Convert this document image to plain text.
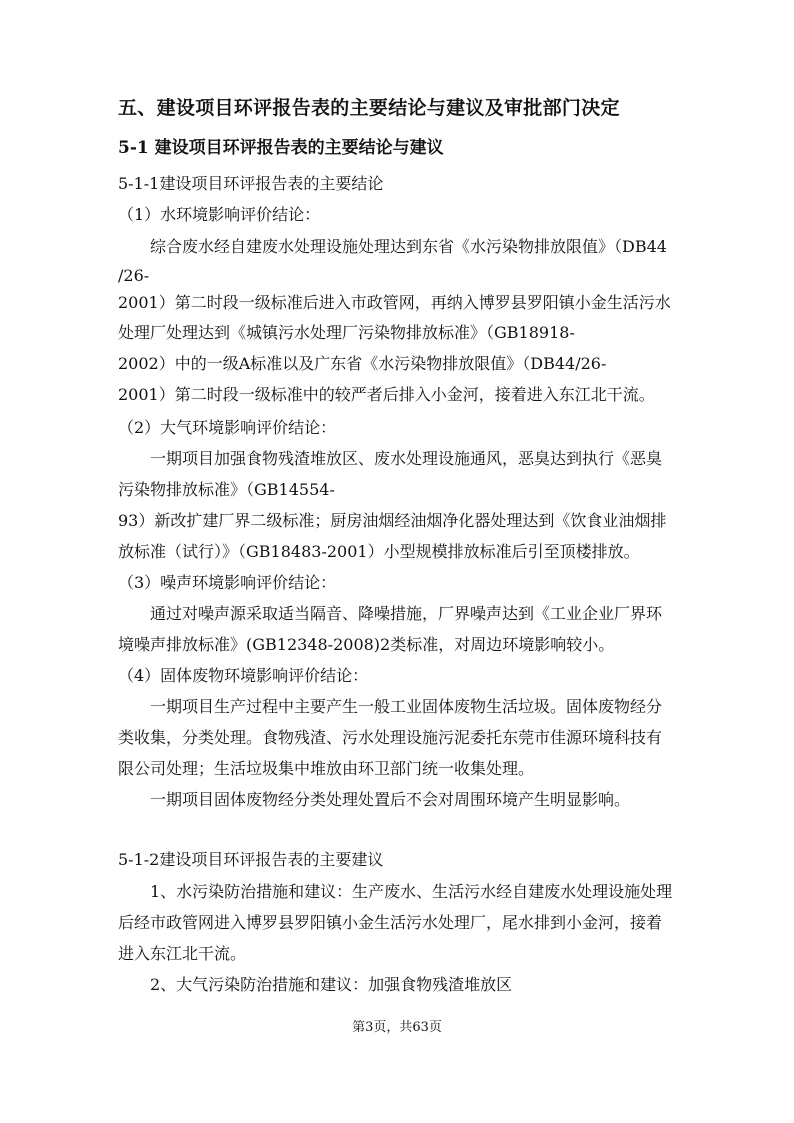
五、建设项目环评报告表的主要结论与建议及审批部门决定
5-1 建设项目环评报告表的主要结论与建议
5-1-1建设项目环评报告表的主要结论
（1）水环境影响评价结论：
综合废水经自建废水处理设施处理达到东省《水污染物排放限值》（DB44
/26-
2001）第二时段一级标准后进入市政管网，再纳入博罗县罗阳镇小金生活污水
处理厂处理达到《城镇污水处理厂污染物排放标准》（GB18918-
2002）中的一级A标准以及广东省《水污染物排放限值》（DB44/26-
2001）第二时段一级标准中的较严者后排入小金河，接着进入东江北干流。
（2）大气环境影响评价结论：
一期项目加强食物残渣堆放区、废水处理设施通风，恶臭达到执行《恶臭
污染物排放标准》（GB14554-
93）新改扩建厂界二级标准；厨房油烟经油烟净化器处理达到《饮食业油烟排
放标准（试行）》（GB18483-2001）小型规模排放标准后引至顶楼排放。
（3）噪声环境影响评价结论：
通过对噪声源采取适当隔音、降噪措施，厂界噪声达到《工业企业厂界环
境噪声排放标准》(GB12348-2008)2类标准，对周边环境影响较小。
（4）固体废物环境影响评价结论：
一期项目生产过程中主要产生一般工业固体废物生活垃圾。固体废物经分
类收集，分类处理。食物残渣、污水处理设施污泥委托东莞市佳源环境科技有
限公司处理；生活垃圾集中堆放由环卫部门统一收集处理。
一期项目固体废物经分类处理处置后不会对周围环境产生明显影响。
5-1-2建设项目环评报告表的主要建议
1、水污染防治措施和建议：生产废水、生活污水经自建废水处理设施处理
后经市政管网进入博罗县罗阳镇小金生活污水处理厂，尾水排到小金河，接着
进入东江北干流。
2、大气污染防治措施和建议：加强食物残渣堆放区
第3页，共63页
